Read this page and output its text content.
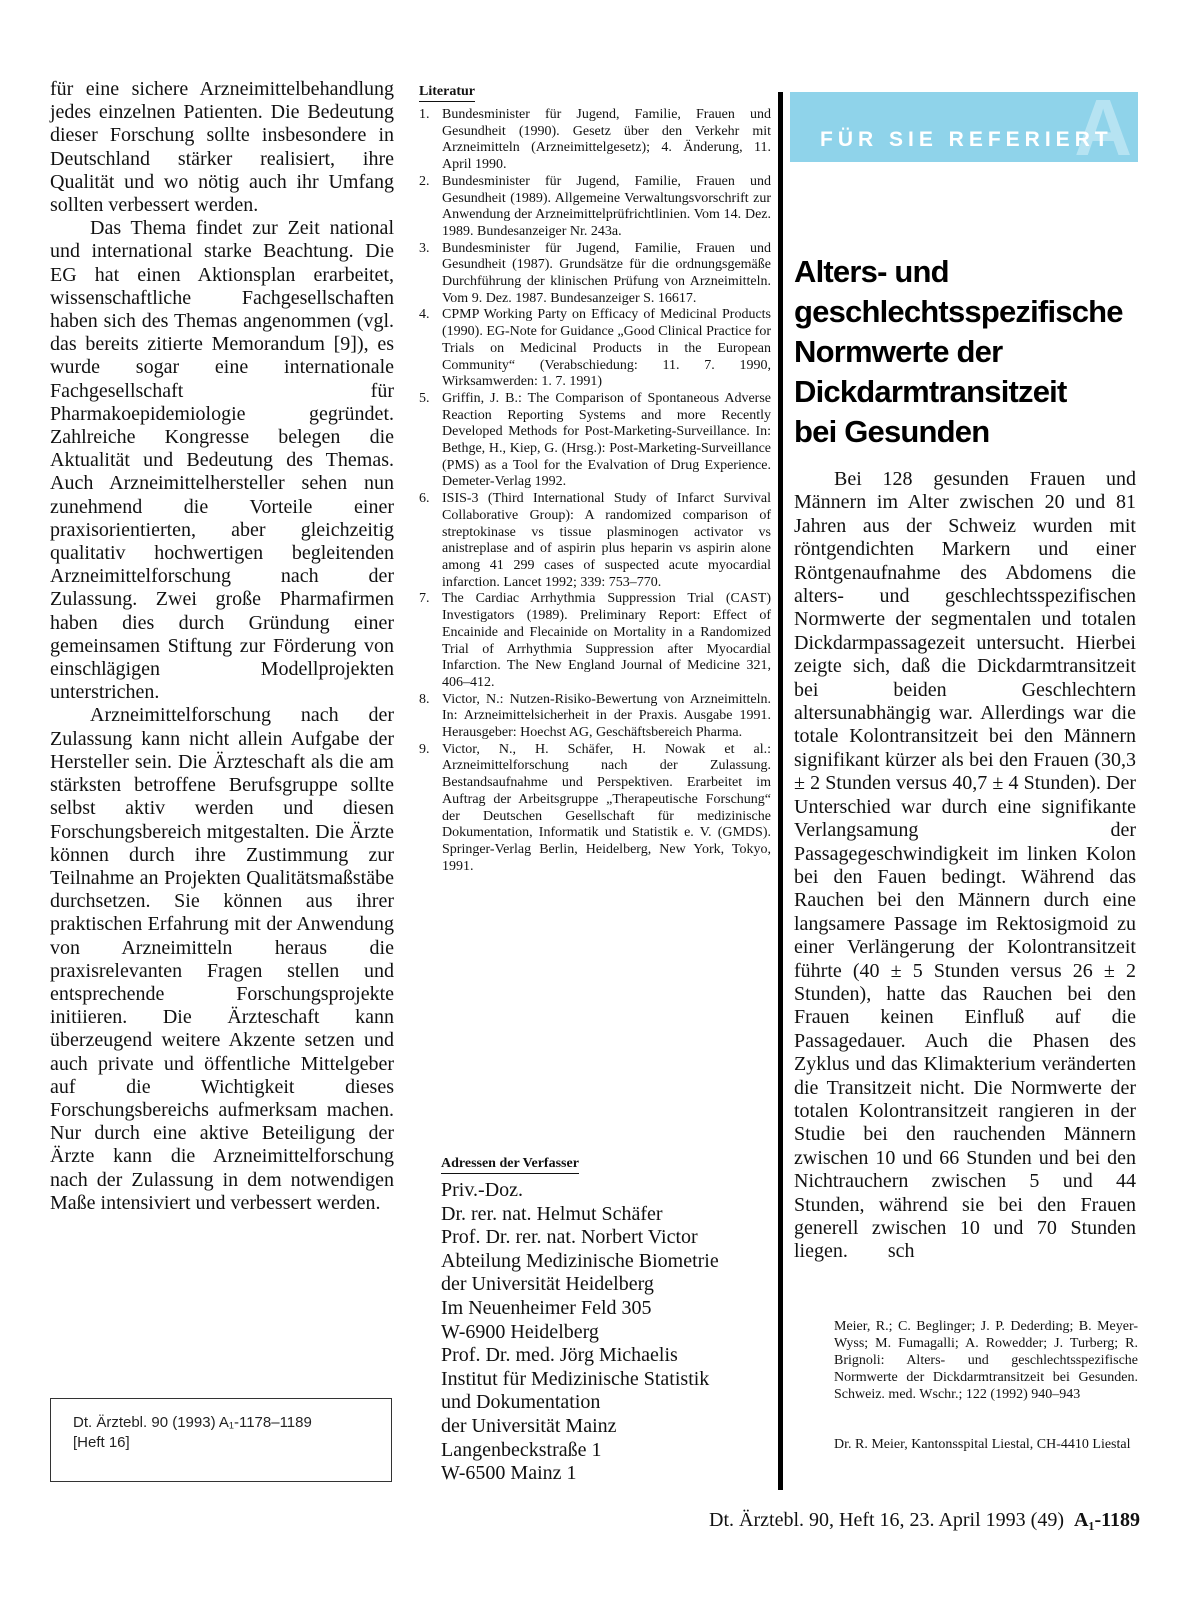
für eine sichere Arzneimittelbehandlung jedes einzelnen Patienten. Die Bedeutung dieser Forschung sollte insbesondere in Deutschland stärker realisiert, ihre Qualität und wo nötig auch ihr Umfang sollten verbessert werden.

Das Thema findet zur Zeit national und international starke Beachtung. Die EG hat einen Aktionsplan erarbeitet, wissenschaftliche Fachgesellschaften haben sich des Themas angenommen (vgl. das bereits zitierte Memorandum [9]), es wurde sogar eine internationale Fachgesellschaft für Pharmakoepidemiologie gegründet. Zahlreiche Kongresse belegen die Aktualität und Bedeutung des Themas. Auch Arzneimittelhersteller sehen nun zunehmend die Vorteile einer praxisorientierten, aber gleichzeitig qualitativ hochwertigen begleitenden Arzneimittelforschung nach der Zulassung. Zwei große Pharmafirmen haben dies durch Gründung einer gemeinsamen Stiftung zur Förderung von einschlägigen Modellprojekten unterstrichen.

Arzneimittelforschung nach der Zulassung kann nicht allein Aufgabe der Hersteller sein. Die Ärzteschaft als die am stärksten betroffene Berufsgruppe sollte selbst aktiv werden und diesen Forschungsbereich mitgestalten. Die Ärzte können durch ihre Zustimmung zur Teilnahme an Projekten Qualitätsmaßstäbe durchsetzen. Sie können aus ihrer praktischen Erfahrung mit der Anwendung von Arzneimitteln heraus die praxisrelevanten Fragen stellen und entsprechende Forschungsprojekte initiieren. Die Ärzteschaft kann überzeugend weitere Akzente setzen und auch private und öffentliche Mittelgeber auf die Wichtigkeit dieses Forschungsbereichs aufmerksam machen. Nur durch eine aktive Beteiligung der Ärzte kann die Arzneimittelforschung nach der Zulassung in dem notwendigen Maße intensiviert und verbessert werden.

Dt. Ärztebl. 90 (1993) A₁-1178–1189
[Heft 16]
Literatur
1. Bundesminister für Jugend, Familie, Frauen und Gesundheit (1990). Gesetz über den Verkehr mit Arzneimitteln (Arzneimittelgesetz); 4. Änderung, 11. April 1990.
2. Bundesminister für Jugend, Familie, Frauen und Gesundheit (1989). Allgemeine Verwaltungsvorschrift zur Anwendung der Arzneimittelprüfrichtlinien. Vom 14. Dez. 1989. Bundesanzeiger Nr. 243a.
3. Bundesminister für Jugend, Familie, Frauen und Gesundheit (1987). Grundsätze für die ordnungsgemäße Durchführung der klinischen Prüfung von Arzneimitteln. Vom 9. Dez. 1987. Bundesanzeiger S. 16617.
4. CPMP Working Party on Efficacy of Medicinal Products (1990). EG-Note for Guidance „Good Clinical Practice for Trials on Medicinal Products in the European Community“ (Verabschiedung: 11. 7. 1990, Wirksamwerden: 1. 7. 1991)
5. Griffin, J. B.: The Comparison of Spontaneous Adverse Reaction Reporting Systems and more Recently Developed Methods for Post-Marketing-Surveillance. In: Bethge, H., Kiep, G. (Hrsg.): Post-Marketing-Surveillance (PMS) as a Tool for the Evalvation of Drug Experience. Demeter-Verlag 1992.
6. ISIS-3 (Third International Study of Infarct Survival Collaborative Group): A randomized comparison of streptokinase vs tissue plasminogen activator vs anistreplase and of aspirin plus heparin vs aspirin alone among 41 299 cases of suspected acute myocardial infarction. Lancet 1992; 339: 753–770.
7. The Cardiac Arrhythmia Suppression Trial (CAST) Investigators (1989). Preliminary Report: Effect of Encainide and Flecainide on Mortality in a Randomized Trial of Arrhythmia Suppression after Myocardial Infarction. The New England Journal of Medicine 321, 406–412.
8. Victor, N.: Nutzen-Risiko-Bewertung von Arzneimitteln. In: Arzneimittelsicherheit in der Praxis. Ausgabe 1991. Herausgeber: Hoechst AG, Geschäftsbereich Pharma.
9. Victor, N., H. Schäfer, H. Nowak et al.: Arzneimittelforschung nach der Zulassung. Bestandsaufnahme und Perspektiven. Erarbeitet im Auftrag der Arbeitsgruppe „Therapeutische Forschung“ der Deutschen Gesellschaft für medizinische Dokumentation, Informatik und Statistik e. V. (GMDS). Springer-Verlag Berlin, Heidelberg, New York, Tokyo, 1991.
Adressen der Verfasser
Priv.-Doz.
Dr. rer. nat. Helmut Schäfer
Prof. Dr. rer. nat. Norbert Victor
Abteilung Medizinische Biometrie
der Universität Heidelberg
Im Neuenheimer Feld 305
W-6900 Heidelberg
Prof. Dr. med. Jörg Michaelis
Institut für Medizinische Statistik
und Dokumentation
der Universität Mainz
Langenbeckstraße 1
W-6500 Mainz 1
A
FÜR SIE REFERIERT
Alters- und
geschlechtsspezifische
Normwerte der
Dickdarmtransitzeit
bei Gesunden

Bei 128 gesunden Frauen und Männern im Alter zwischen 20 und 81 Jahren aus der Schweiz wurden mit röntgendichten Markern und einer Röntgenaufnahme des Abdomens die alters- und geschlechtsspezifischen Normwerte der segmentalen und totalen Dickdarmpassagezeit untersucht. Hierbei zeigte sich, daß die Dickdarmtransitzeit bei beiden Geschlechtern altersunabhängig war. Allerdings war die totale Kolontransitzeit bei den Männern signifikant kürzer als bei den Frauen (30,3 ± 2 Stunden versus 40,7 ± 4 Stunden). Der Unterschied war durch eine signifikante Verlangsamung der Passagegeschwindigkeit im linken Kolon bei den Fauen bedingt. Während das Rauchen bei den Männern durch eine langsamere Passage im Rektosigmoid zu einer Verlängerung der Kolontransitzeit führte (40 ± 5 Stunden versus 26 ± 2 Stunden), hatte das Rauchen bei den Frauen keinen Einfluß auf die Passagedauer. Auch die Phasen des Zyklus und das Klimakterium veränderten die Transitzeit nicht. Die Normwerte der totalen Kolontransitzeit rangieren in der Studie bei den rauchenden Männern zwischen 10 und 66 Stunden und bei den Nichtrauchern zwischen 5 und 44 Stunden, während sie bei den Frauen generell zwischen 10 und 70 Stunden liegen. sch

Meier, R.; C. Beglinger; J. P. Dederding; B. Meyer-Wyss; M. Fumagalli; A. Rowedder; J. Turberg; R. Brignoli: Alters- und geschlechtsspezifische Normwerte der Dickdarmtransitzeit bei Gesunden. Schweiz. med. Wschr.; 122 (1992) 940–943

Dr. R. Meier, Kantonsspital Liestal, CH-4410 Liestal

Dt. Ärztebl. 90, Heft 16, 23. April 1993 (49) A₁-1189
